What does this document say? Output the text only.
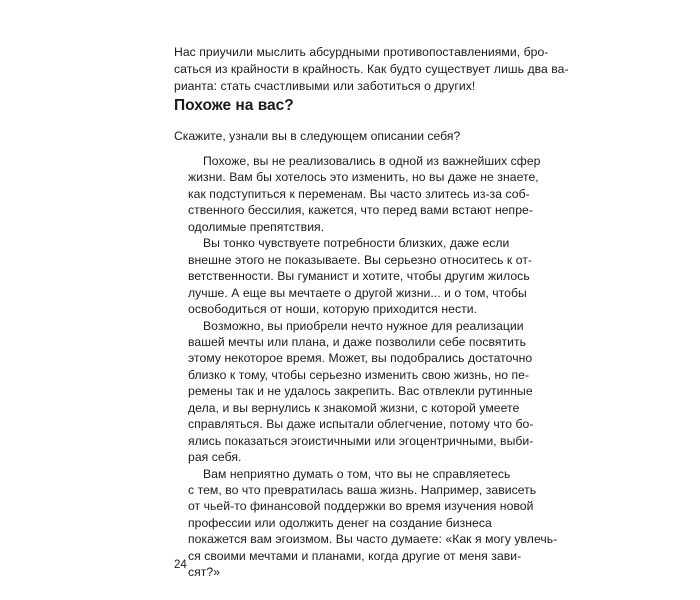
Нас приучили мыслить абсурдными противопоставлениями, бро-
саться из крайности в крайность. Как будто существует лишь два ва-
рианта: стать счастливыми или заботиться о других!
Похоже на вас?
Скажите, узнали вы в следующем описании себя?
24
Похоже, вы не реализовались в одной из важнейших сфер
жизни. Вам бы хотелось это изменить, но вы даже не знаете,
как подступиться к переменам. Вы часто злитесь из-за соб-
ственного бессилия, кажется, что перед вами встают непре-
одолимые препятствия.
Вы тонко чувствуете потребности близких, даже если
внешне этого не показываете. Вы серьезно относитесь к от-
ветственности. Вы гуманист и хотите, чтобы другим жилось
лучше. А еще вы мечтаете о другой жизни... и о том, чтобы
освободиться от ноши, которую приходится нести.
Возможно, вы приобрели нечто нужное для реализации
вашей мечты или плана, и даже позволили себе посвятить
этому некоторое время. Может, вы подобрались достаточно
близко к тому, чтобы серьезно изменить свою жизнь, но пе-
ремены так и не удалось закрепить. Вас отвлекли рутинные
дела, и вы вернулись к знакомой жизни, с которой умеете
справляться. Вы даже испытали облегчение, потому что бо-
ялись показаться эгоистичными или эгоцентричными, выби-
рая себя.
Вам неприятно думать о том, что вы не справляетесь
с тем, во что превратилась ваша жизнь. Например, зависеть
от чьей-то финансовой поддержки во время изучения новой
профессии или одолжить денег на создание бизнеса
покажется вам эгоизмом. Вы часто думаете: «Как я могу увлечь-
ся своими мечтами и планами, когда другие от меня зави-
сят?»
